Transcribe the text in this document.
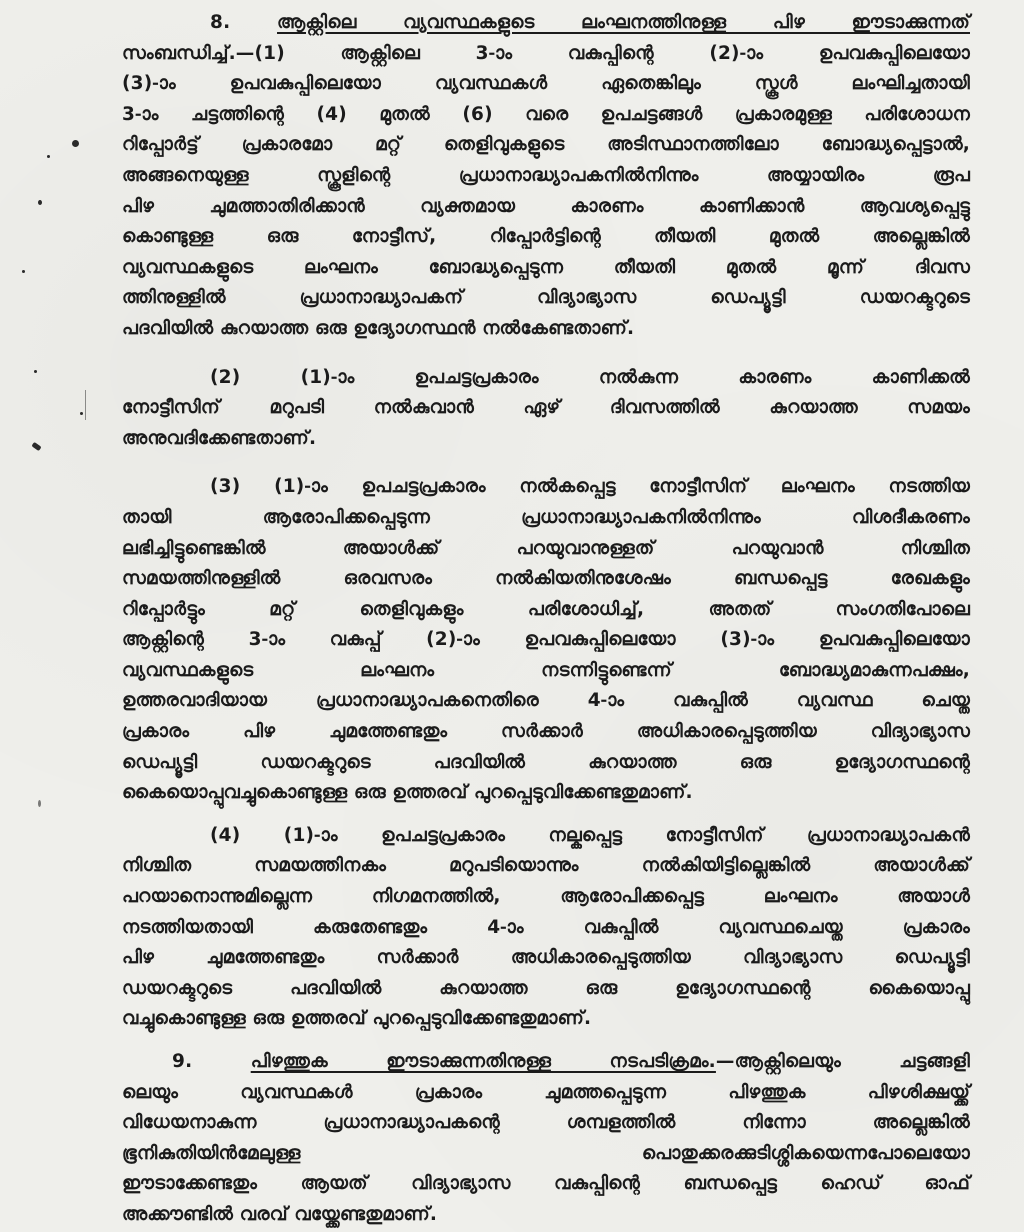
8.	ആക്റ്റിലെ വ്യവസ്ഥകളുടെ ലംഘനത്തിനുള്ള പിഴ ഈടാക്കുന്നത്
സംബന്ധിച്ച്.—(1) ആക്റ്റിലെ 3-ാം വകുപ്പിന്റെ (2)-ാം ഉപവകുപ്പിലെയോ
(3)-ാം ഉപവകുപ്പിലെയോ വ്യവസ്ഥകൾ ഏതെങ്കിലും സ്കൂൾ ലംഘിച്ചതായി
3-ാം ചട്ടത്തിന്റെ (4) മുതൽ (6) വരെ ഉപചട്ടങ്ങൾ പ്രകാരമുള്ള പരിശോധന
റിപ്പോർട്ട് പ്രകാരമോ മറ്റ് തെളിവുകളുടെ അടിസ്ഥാനത്തിലോ ബോദ്ധ്യപ്പെട്ടാൽ,
അങ്ങനെയുള്ള സ്കൂളിന്റെ പ്രധാനാദ്ധ്യാപകനിൽനിന്നും അയ്യായിരം രൂപ
പിഴ ചുമത്താതിരിക്കാൻ വ്യക്തമായ കാരണം കാണിക്കാൻ ആവശ്യപ്പെട്ടു
കൊണ്ടുള്ള ഒരു നോട്ടീസ്, റിപ്പോർട്ടിന്റെ തീയതി മുതൽ അല്ലെങ്കിൽ
വ്യവസ്ഥകളുടെ ലംഘനം ബോദ്ധ്യപ്പെടുന്ന തീയതി മുതൽ മൂന്ന് ദിവസ
ത്തിനുള്ളിൽ പ്രധാനാദ്ധ്യാപകന് വിദ്യാഭ്യാസ ഡെപ്യൂട്ടി ഡയറക്ടറുടെ
പദവിയിൽ കുറയാത്ത ഒരു ഉദ്യോഗസ്ഥൻ നൽകേണ്ടതാണ്.
(2) (1)-ാം ഉപചട്ടപ്രകാരം നൽകുന്ന കാരണം കാണിക്കൽ
നോട്ടീസിന് മറുപടി നൽകുവാൻ ഏഴ് ദിവസത്തിൽ കുറയാത്ത സമയം
അനുവദിക്കേണ്ടതാണ്.
(3) (1)-ാം ഉപചട്ടപ്രകാരം നൽകപ്പെട്ട നോട്ടീസിന് ലംഘനം നടത്തിയ
തായി ആരോപിക്കപ്പെടുന്ന പ്രധാനാദ്ധ്യാപകനിൽനിന്നും വിശദീകരണം
ലഭിച്ചിട്ടുണ്ടെങ്കിൽ അയാൾക്ക് പറയുവാനുള്ളത് പറയുവാൻ നിശ്ചിത
സമയത്തിനുള്ളിൽ ഒരവസരം നൽകിയതിനുശേഷം ബന്ധപ്പെട്ട രേഖകളും
റിപ്പോർട്ടും മറ്റ് തെളിവുകളും പരിശോധിച്ച്, അതത് സംഗതിപോലെ
ആക്റ്റിന്റെ 3-ാം വകുപ്പ് (2)-ാം ഉപവകുപ്പിലെയോ (3)-ാം ഉപവകുപ്പിലെയോ
വ്യവസ്ഥകളുടെ ലംഘനം നടന്നിട്ടുണ്ടെന്ന് ബോദ്ധ്യമാകുന്നപക്ഷം,
ഉത്തരവാദിയായ പ്രധാനാദ്ധ്യാപകനെതിരെ 4-ാം വകുപ്പിൽ വ്യവസ്ഥ ചെയ്ത
പ്രകാരം പിഴ ചുമത്തേണ്ടതും സർക്കാർ അധികാരപ്പെടുത്തിയ വിദ്യാഭ്യാസ
ഡെപ്യൂട്ടി ഡയറക്ടറുടെ പദവിയിൽ കുറയാത്ത ഒരു ഉദ്യോഗസ്ഥന്റെ
കൈയൊപ്പുവച്ചുകൊണ്ടുള്ള ഒരു ഉത്തരവ് പുറപ്പെടുവിക്കേണ്ടതുമാണ്.
(4) (1)-ാം ഉപചട്ടപ്രകാരം നല്കപ്പെട്ട നോട്ടീസിന് പ്രധാനാദ്ധ്യാപകൻ
നിശ്ചിത സമയത്തിനകം മറുപടിയൊന്നും നൽകിയിട്ടില്ലെങ്കിൽ അയാൾക്ക്
പറയാനൊന്നുമില്ലെന്ന നിഗമനത്തിൽ, ആരോപിക്കപ്പെട്ട ലംഘനം അയാൾ
നടത്തിയതായി കരുതേണ്ടതും 4-ാം വകുപ്പിൽ വ്യവസ്ഥചെയ്ത പ്രകാരം
പിഴ ചുമത്തേണ്ടതും സർക്കാർ അധികാരപ്പെടുത്തിയ വിദ്യാഭ്യാസ ഡെപ്യൂട്ടി
ഡയറക്ടറുടെ പദവിയിൽ കുറയാത്ത ഒരു ഉദ്യോഗസ്ഥന്റെ കൈയൊപ്പു
വച്ചുകൊണ്ടുള്ള ഒരു ഉത്തരവ് പുറപ്പെടുവിക്കേണ്ടതുമാണ്.
9.	പിഴത്തുക ഈടാക്കുന്നതിനുള്ള നടപടിക്രമം.—ആക്റ്റിലെയും ചട്ടങ്ങളി
ലെയും വ്യവസ്ഥകൾ പ്രകാരം ചുമത്തപ്പെടുന്ന പിഴത്തുക പിഴശിക്ഷയ്ക്ക്
വിധേയനാകുന്ന പ്രധാനാദ്ധ്യാപകന്റെ ശമ്പളത്തിൽ നിന്നോ അല്ലെങ്കിൽ
ഭൂനികുതിയിൻമേലുള്ള പൊതുക്കരക്കുടിശ്ശികയെന്നപോലെയോ
ഈടാക്കേണ്ടതും ആയത് വിദ്യാഭ്യാസ വകുപ്പിന്റെ ബന്ധപ്പെട്ട ഹെഡ് ഓഫ്
അക്കൗണ്ടിൽ വരവ് വയ്ക്കേണ്ടതുമാണ്.
